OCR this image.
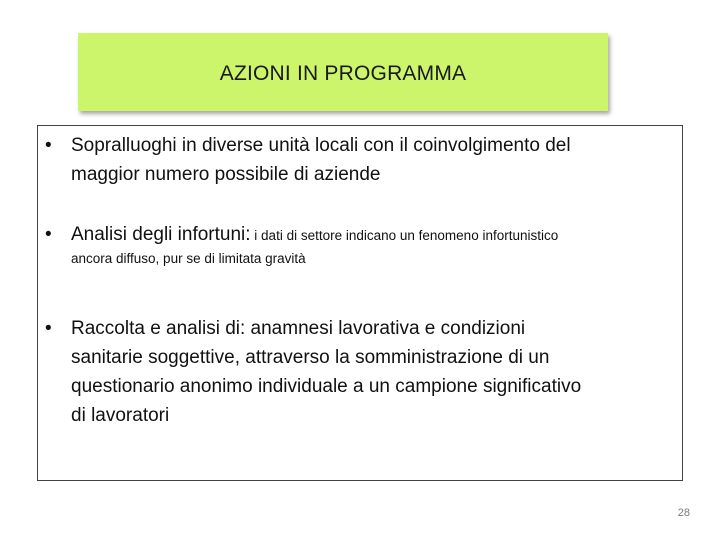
AZIONI IN PROGRAMMA
•	Sopralluoghi in diverse unità locali con il coinvolgimento del
maggior numero possibile di aziende
•	Analisi degli infortuni: i dati di settore indicano un fenomeno infortunistico
ancora diffuso, pur se di limitata gravità
•	Raccolta e analisi di: anamnesi lavorativa e condizioni
sanitarie soggettive, attraverso la somministrazione di un
questionario anonimo individuale a un campione significativo
di lavoratori
28
